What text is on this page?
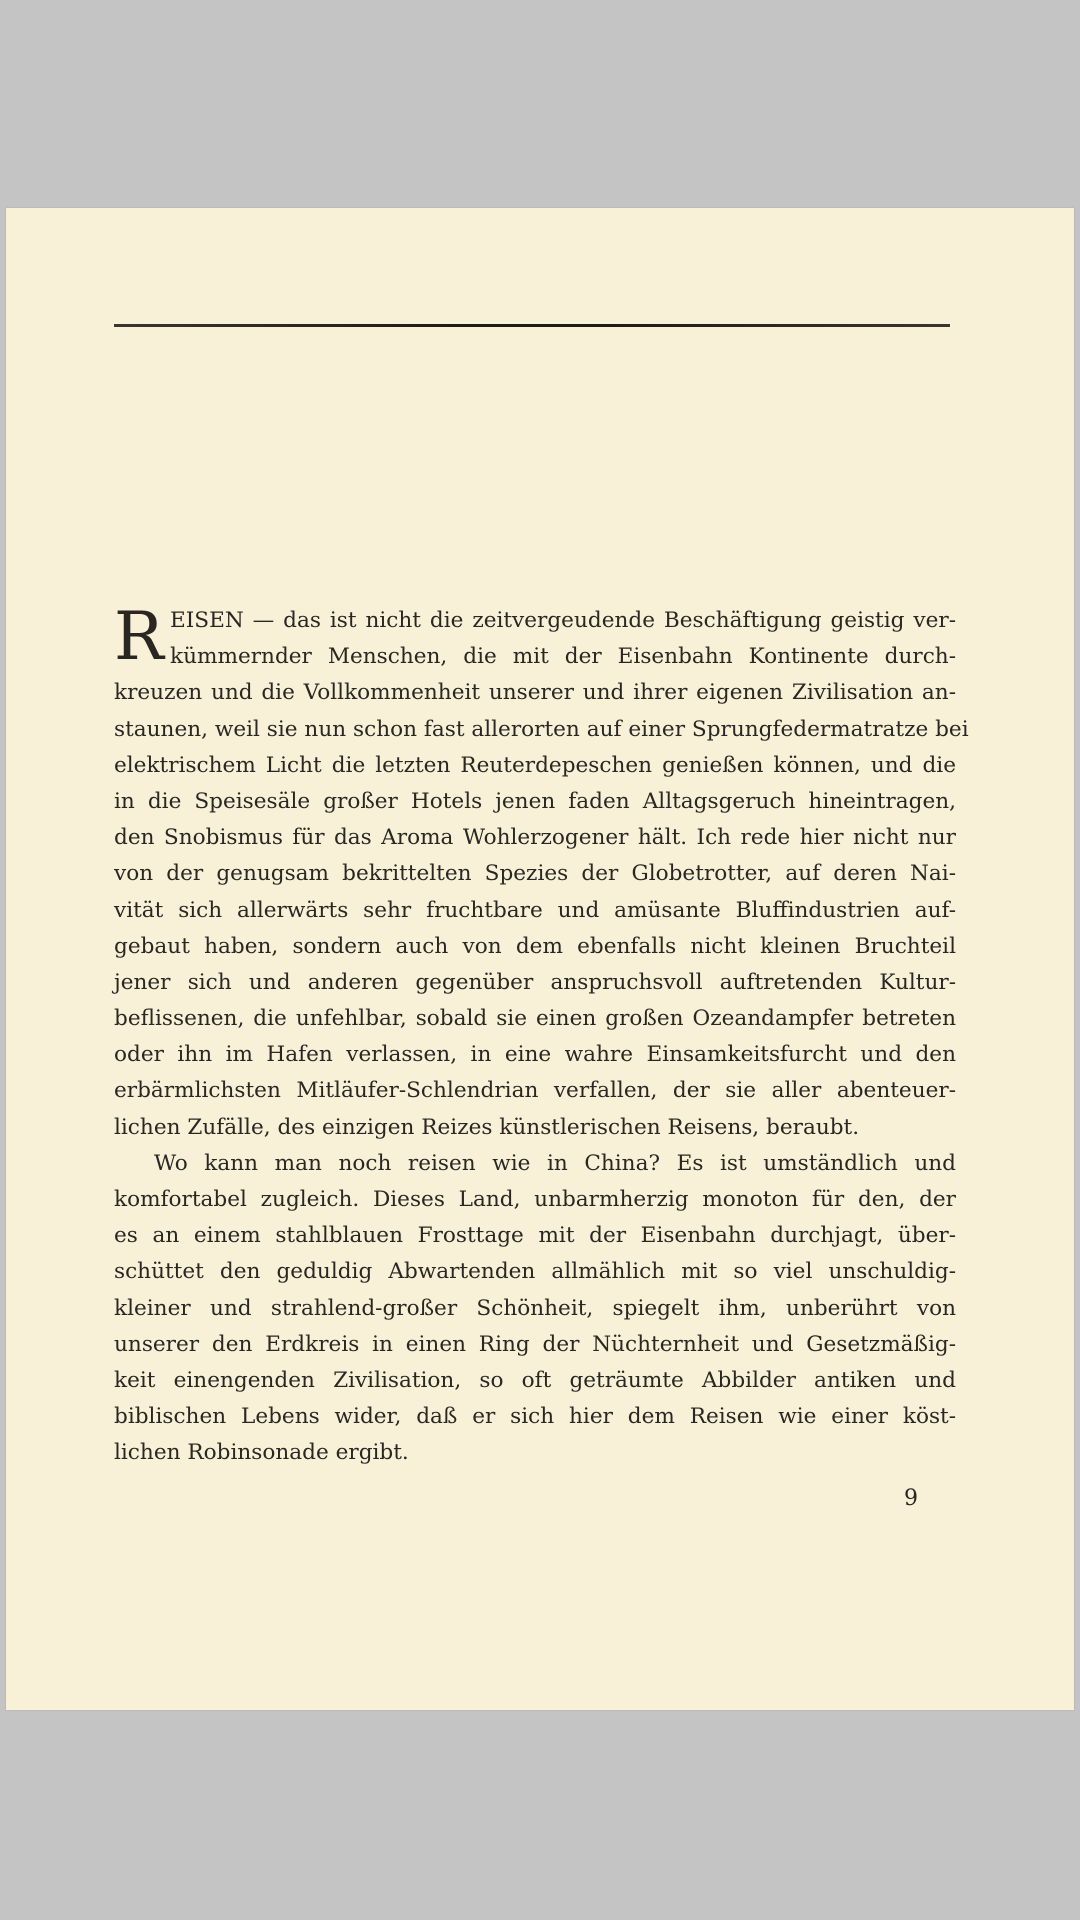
R EISEN — das ist nicht die zeitvergeudende Beschäftigung geistig ver-
kümmernder Menschen, die mit der Eisenbahn Kontinente durch-
kreuzen und die Vollkommenheit unserer und ihrer eigenen Zivilisation an-
staunen, weil sie nun schon fast allerorten auf einer Sprungfedermatratze bei
elektrischem Licht die letzten Reuterdepeschen genießen können, und die
in die Speisesäle großer Hotels jenen faden Alltagsgeruch hineintragen,
den Snobismus für das Aroma Wohlerzogener hält. Ich rede hier nicht nur
von der genugsam bekrittelten Spezies der Globetrotter, auf deren Nai-
vität sich allerwärts sehr fruchtbare und amüsante Bluffindustrien auf-
gebaut haben, sondern auch von dem ebenfalls nicht kleinen Bruchteil
jener sich und anderen gegenüber anspruchsvoll auftretenden Kultur-
beflissenen, die unfehlbar, sobald sie einen großen Ozeandampfer betreten
oder ihn im Hafen verlassen, in eine wahre Einsamkeitsfurcht und den
erbärmlichsten Mitläufer-Schlendrian verfallen, der sie aller abenteuer-
lichen Zufälle, des einzigen Reizes künstlerischen Reisens, beraubt.
Wo kann man noch reisen wie in China? Es ist umständlich und
komfortabel zugleich. Dieses Land, unbarmherzig monoton für den, der
es an einem stahlblauen Frosttage mit der Eisenbahn durchjagt, über-
schüttet den geduldig Abwartenden allmählich mit so viel unschuldig-
kleiner und strahlend-großer Schönheit, spiegelt ihm, unberührt von
unserer den Erdkreis in einen Ring der Nüchternheit und Gesetzmäßig-
keit einengenden Zivilisation, so oft geträumte Abbilder antiken und
biblischen Lebens wider, daß er sich hier dem Reisen wie einer köst-
lichen Robinsonade ergibt.
9
